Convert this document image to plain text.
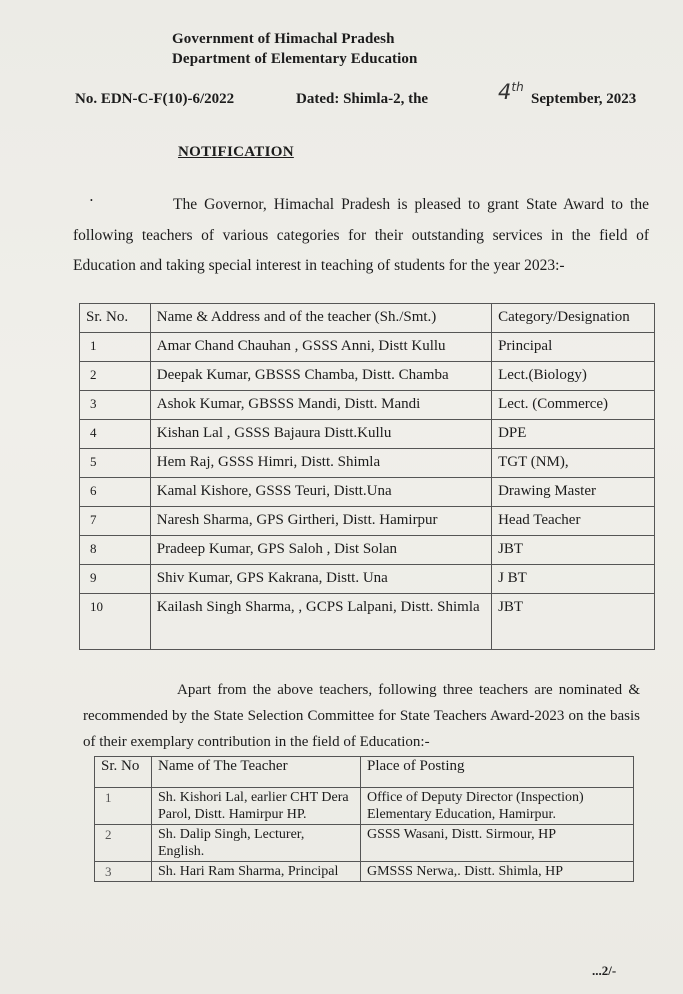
Government of Himachal Pradesh
Department of Elementary Education
No. EDN-C-F(10)-6/2022	Dated: Shimla-2, the	4th
September, 2023
NOTIFICATION
•	The Governor, Himachal Pradesh is pleased to grant State Award to the following teachers of various categories for their outstanding services in the field of Education and taking special interest in teaching of students for the year 2023:-
Sr. No.	Name & Address and of the teacher (Sh./Smt.)	Category/Designation
1	Amar Chand Chauhan , GSSS Anni, Distt Kullu	Principal
2	Deepak Kumar, GBSSS Chamba, Distt. Chamba	Lect.(Biology)
3	Ashok Kumar, GBSSS Mandi, Distt. Mandi	Lect. (Commerce)
4	Kishan Lal , GSSS Bajaura Distt.Kullu	DPE
5	Hem Raj, GSSS Himri, Distt. Shimla	TGT (NM),
6	Kamal Kishore, GSSS Teuri, Distt.Una	Drawing Master
7	Naresh Sharma, GPS Girtheri, Distt. Hamirpur	Head Teacher
8	Pradeep Kumar, GPS Saloh , Dist Solan	JBT
9	Shiv Kumar, GPS Kakrana, Distt. Una	J BT
10	Kailash Singh Sharma, , GCPS Lalpani, Distt. Shimla	JBT
Apart from the above teachers, following three teachers are nominated & recommended by the State Selection Committee for State Teachers Award-2023 on the basis of their exemplary contribution in the field of Education:-
Sr. No	Name of The Teacher	Place of Posting
1	Sh. Kishori Lal, earlier CHT Dera Parol, Distt. Hamirpur HP.	Office of Deputy Director (Inspection) Elementary Education, Hamirpur.
2	Sh. Dalip Singh, Lecturer, English.	GSSS Wasani, Distt. Sirmour, HP
3	Sh. Hari Ram Sharma, Principal	GMSSS Nerwa,. Distt. Shimla, HP
...2/-
